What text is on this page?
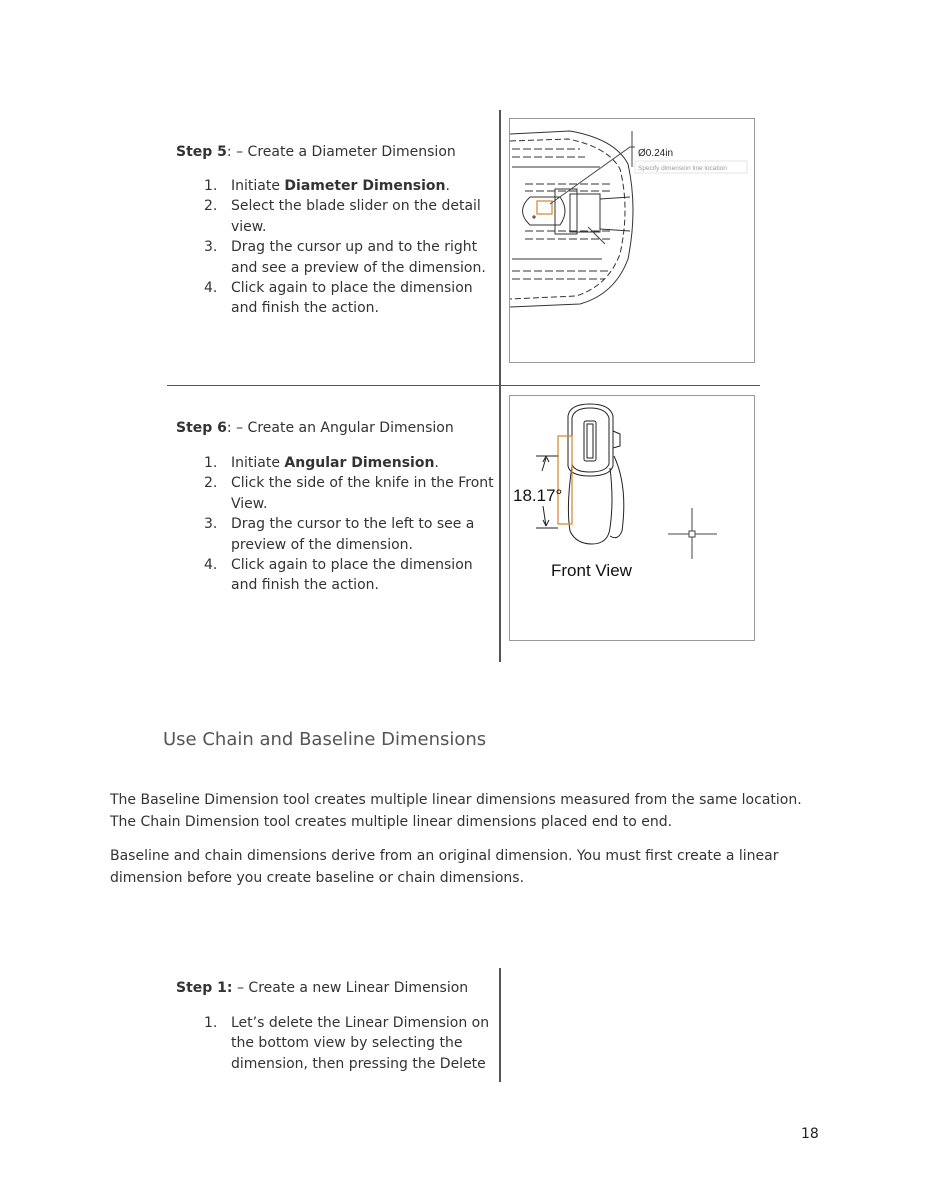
Step 5: – Create a Diameter Dimension
1. Initiate Diameter Dimension.
2. Select the blade slider on the detail view.
3. Drag the cursor up and to the right and see a preview of the dimension.
4. Click again to place the dimension and finish the action.
Ø0.24in
Specify dimension line location
Step 6: – Create an Angular Dimension
1. Initiate Angular Dimension.
2. Click the side of the knife in the Front View.
3. Drag the cursor to the left to see a preview of the dimension.
4. Click again to place the dimension and finish the action.
18.17°
Front View
Use Chain and Baseline Dimensions
The Baseline Dimension tool creates multiple linear dimensions measured from the same location. The Chain Dimension tool creates multiple linear dimensions placed end to end.
Baseline and chain dimensions derive from an original dimension. You must first create a linear dimension before you create baseline or chain dimensions.
Step 1: – Create a new Linear Dimension
1. Let’s delete the Linear Dimension on the bottom view by selecting the dimension, then pressing the Delete
18
